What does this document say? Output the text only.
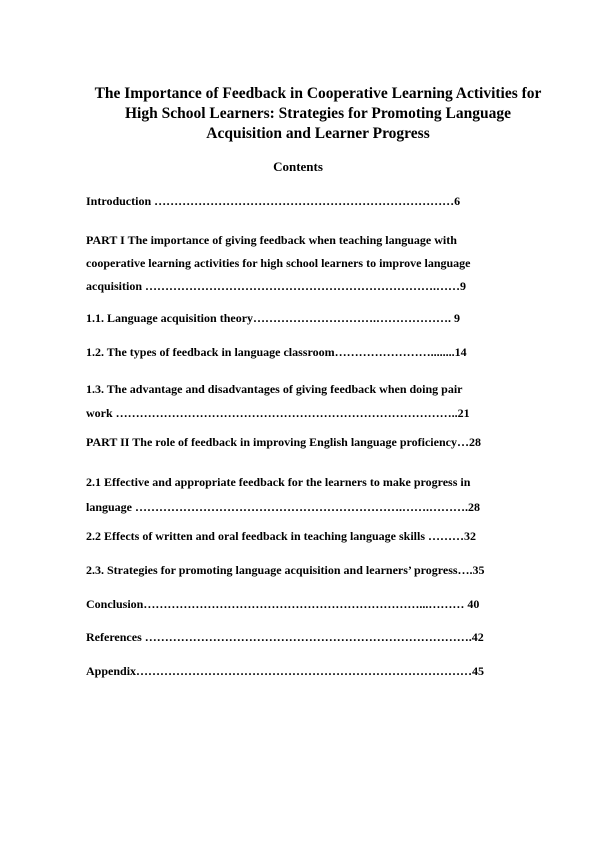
The Importance of Feedback in Cooperative Learning Activities for
High School Learners: Strategies for Promoting Language
Acquisition and Learner Progress
Contents
Introduction …………………………………………………………………6
PART I The importance of giving feedback when teaching language with
cooperative learning activities for high school learners to improve language
acquisition ……………………………………………………………….……9
1.1. Language acquisition theory………………………….………………. 9
1.2. The types of feedback in language classroom……………………........14
1.3. The advantage and disadvantages of giving feedback when doing pair
work …………………………………………………………………………..21
PART II The role of feedback in improving English language proficiency…28
2.1 Effective and appropriate feedback for the learners to make progress in
language ………………………………………………………….…….……….28
2.2 Effects of written and oral feedback in teaching language skills ………32
2.3. Strategies for promoting language acquisition and learners’ progress….35
Conclusion……………………………………………………………...……… 40
References ……………………………………………………………………….42
Appendix…………………………………………………………………………45
